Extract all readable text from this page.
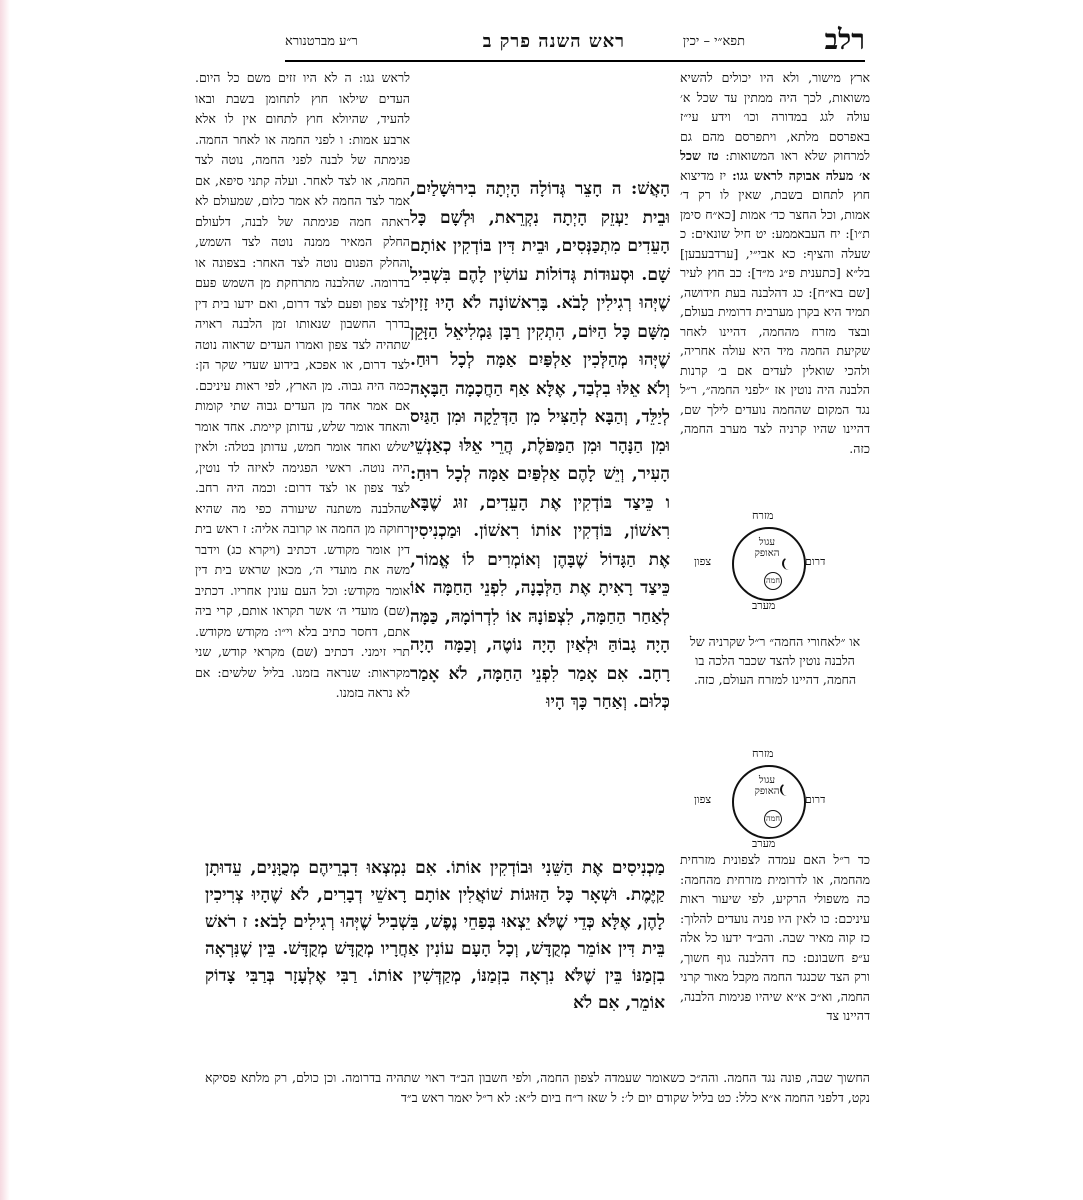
רלב
תפא״י – יכין
ראש השנה פרק ב
ר״ע מברטנורא
ארץ מישור, ולא היו יכולים להשיא משואות, לכך היה ממתין עד שכל א׳ עולה לגג במדורה וכו׳ וידע עי״ז באפרסם מלתא, ויתפרסם מהם גם למרחוק שלא ראו המשואות: טז שכל א׳ מעלה אבוקה לראש גגו: יז מדיצוא חוץ לתחום בשבת, שאין לו רק ד׳ אמות, וכל החצר כד׳ אמות [כא״ח סימן ת״ו]: יח העבאממע: יט חיל שונאים: כ שעלה והציף: כא אבי״י, [ערדבעבען] בל״א [כתענית פ״ג מ״ד]: כב חוץ לעיר [שם בא״ח]: כג דהלבנה בעת חידושה, תמיד היא בקרן מערבית דרומית בעולם, ובצד מזרח מהחמה, דהיינו לאחר שקיעת החמה מיד היא עולה אחריה, ולהכי שואלין לעדים אם ב׳ קרנות הלבנה היה נוטין אז ״לפני החמה״, ר״ל נגד המקום שהחמה נועדים לילך שם, דהיינו שהיו קרניה לצד מערב החמה, כזה.
מזרח
מערב
דרום
צפון
עגול האופק
חמה
או ״לאחורי החמה״ ר״ל שקרניה של הלבנה נוטין להצד שכבר הלכה בו החמה, דהיינו למזרח העולם, כזה.
מזרח
מערב
דרום
צפון
עגול האופק
חמה
כד ר״ל האם עמדה לצפונית מזרחית מהחמה, או לדרומית מזרחית מהחמה: כה משפולי הרקיע, לפי שיעור ראות עיניכם: כו לאין היו פניה נועדים להלוך: כז קוה מאיר שבה. והב״ד ידעו כל אלה ע״פ חשבונם: כח דהלבנה גוף חשוך, ורק הצד שכנגד החמה מקבל מאור קרני החמה, וא״כ א״א שיהיו פגימות הלבנה, דהיינו צד
לראש גגו: ה לא היו זזים משם כל היום. העדים שילאו חוץ לתחומן בשבת ובאו להעיד, שהיולא חוץ לתחום אין לו אלא ארבע אמות: ו לפני החמה או לאחר החמה. פגימתה של לבנה לפני החמה, נוטה לצד החמה, או לצד לאחר. ועלה קתני סיפא, אם אמר לצד החמה לא אמר כלום, שמעולם לא ראתה חמה פגימתה של לבנה, דלעולם החלק המאיר ממנה נוטה לצד השמש, והחלק הפגום נוטה לצד האחר: בצפונה או בדרומה. שהלבנה מתרחקת מן השמש פעם לצד צפון ופעם לצד דרום, ואם ידעו בית דין בדרך החשבון שנאותו זמן הלבנה ראויה שתהיה לצד צפון ואמרו העדים שראוה נוטה לצד דרום, או אפכא, בידוע שעדי שקר הן: כמה היה גבוה. מן הארץ, לפי ראות עיניכם. אם אמר אחד מן העדים גבוה שתי קומות והאחד אומר שלש, עדותן קיימת. אחד אומר שלש ואחד אומר חמש, עדותן בטלה: ולאין היה נוטה. ראשי הפגימה לאיזה לד נוטין, לצד צפון או לצד דרום: וכמה היה רחב. שהלבנה משתנה שיעורה כפי מה שהיא רחוקה מן החמה או קרובה אליה: ז ראש בית דין אומר מקודש. דכתיב (ויקרא כג) וידבר משה את מועדי ה׳, מכאן שראש בית דין אומר מקודש: וכל העם עונין אחריו. דכתיב (שם) מועדי ה׳ אשר תקראו אותם, קרי ביה אתם, דחסר כתיב בלא וי״ו: מקודש מקודש. תרי זימני. דכתיב (שם) מקראי קודש, שני מקראות: שנראה בזמנו. בליל שלשים: אם לא נראה בזמנו.
הָאֲשׁ: ה חָצֵר גְּדוֹלָה הָיְתָה בִירוּשָׁלַיִם, וּבֵית יַעְזֵק הָיְתָה נִקְרֵאת, וּלְשָׁם כָּל הָעֵדִים מִתְכַּנְּסִים, וּבֵית דִּין בּוֹדְקִין אוֹתָם שָׁם. וּסְעוּדוֹת גְּדוֹלוֹת עוֹשִׂין לָהֶם בִּשְׁבִיל שֶׁיְּהוּ רְגִילִין לָבֹא. בָּרִאשׁוֹנָה לֹא הָיוּ זָזִין מִשָּׁם כָּל הַיּוֹם, הִתְקִין רַבָּן גַּמְלִיאֵל הַזָּקֵן שֶׁיְּהוּ מְהַלְּכִין אַלְפַּיִם אַמָּה לְכָל רוּחַ. וְלֹא אֵלּוּ בִלְבַד, אֶלָּא אַף הַחֲכָמָה הַבָּאָה לְיַלֵּד, וְהַבָּא לְהַצִּיל מִן הַדְּלֵקָה וּמִן הַגַּיִס וּמִן הַנָּהָר וּמִן הַמַּפֹּלֶת, הֲרֵי אֵלּוּ כְאַנְשֵׁי הָעִיר, וְיֵשׁ לָהֶם אַלְפַּיִם אַמָּה לְכָל רוּחַ: ו כֵּיצַד בּוֹדְקִין אֶת הָעֵדִים, זוּג שֶׁבָּא רִאשׁוֹן, בּוֹדְקִין אוֹתוֹ רִאשׁוֹן. וּמַכְנִיסִין אֶת הַגָּדוֹל שֶׁבָּהֶן וְאוֹמְרִים לוֹ אֱמוֹר, כֵּיצַד רָאִיתָ אֶת הַלְּבָנָה, לִפְנֵי הַחַמָּה אוֹ לְאַחַר הַחַמָּה, לִצְפוֹנָהּ אוֹ לִדְרוֹמָהּ, כַּמָּה הָיָה גָבוֹהַּ וּלְאַיִן הָיָה נוֹטֶה, וְכַמָּה הָיָה רָחָב. אִם אָמַר לִפְנֵי הַחַמָּה, לֹא אָמַר כְּלוּם. וְאַחַר כָּךְ הָיוּ
מַכְנִיסִים אֶת הַשֵּׁנִי וּבוֹדְקִין אוֹתוֹ. אִם נִמְצְאוּ דִבְרֵיהֶם מְכֻוָּנִים, עֵדוּתָן קַיֶּמֶת. וּשְׁאָר כָּל הַזּוּגוֹת שׁוֹאֲלִין אוֹתָם רָאשֵׁי דְבָרִים, לֹא שֶׁהָיוּ צְרִיכִין לָהֶן, אֶלָּא כְּדֵי שֶׁלֹּא יֵצְאוּ בְּפַחֵי נֶפֶשׁ, בִּשְׁבִיל שֶׁיְּהוּ רְגִילִים לָבֹא: ז רֹאשׁ בֵּית דִּין אוֹמֵר מְקֻדָּשׁ, וְכָל הָעָם עוֹנִין אַחֲרָיו מְקֻדָּשׁ מְקֻדָּשׁ. בֵּין שֶׁנִּרְאָה בִזְמַנּוֹ בֵּין שֶׁלֹּא נִרְאָה בִזְמַנּוֹ, מְקַדְּשִׁין אוֹתוֹ. רַבִּי אֶלְעָזָר בְּרַבִּי צָדוֹק אוֹמֵר, אִם לֹא
החשוך שבה, פונה נגד החמה. והה״כ כשאומר שעמדה לצפון החמה, ולפי חשבון הב״ד ראוי שתהיה בדרומה. וכן כולם, רק מלתא פסיקא נקט, דלפני החמה א״א כלל: כט בליל שקודם יום ל׳: ל שאז ר״ח ביום ל״א: לא ר״ל יאמר ראש ב״ד
